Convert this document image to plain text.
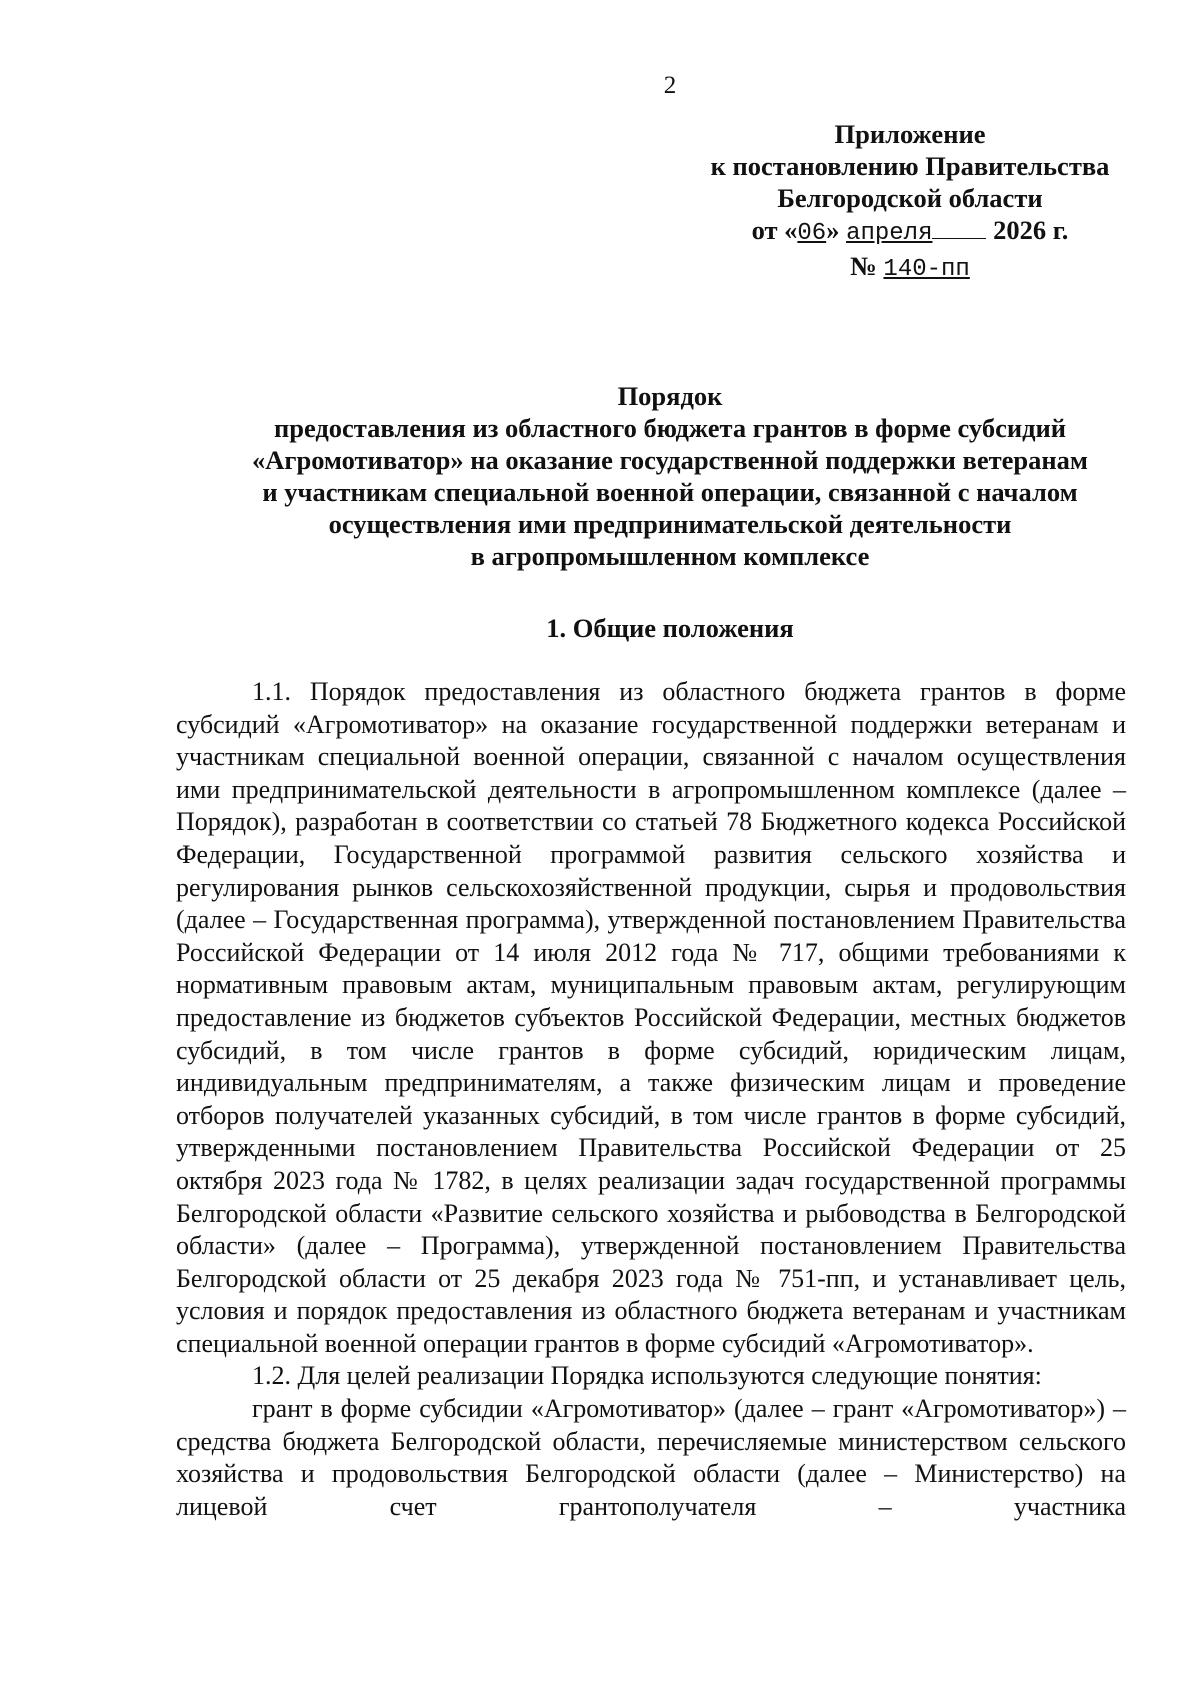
2
Приложение
к постановлению Правительства
Белгородской области
от «06» апреля 2026 г.
№ 140-пп
Порядок
предоставления из областного бюджета грантов в форме субсидий
«Агромотиватор» на оказание государственной поддержки ветеранам
и участникам специальной военной операции, связанной с началом
осуществления ими предпринимательской деятельности
в агропромышленном комплексе
1. Общие положения

1.1. Порядок предоставления из областного бюджета грантов в форме субсидий «Агромотиватор» на оказание государственной поддержки ветеранам и участникам специальной военной операции, связанной с началом осуществления ими предпринимательской деятельности в агропромышленном комплексе (далее – Порядок), разработан в соответствии со статьей 78 Бюджетного кодекса Российской Федерации, Государственной программой развития сельского хозяйства и регулирования рынков сельскохозяйственной продукции, сырья и продовольствия (далее – Государственная программа), утвержденной постановлением Правительства Российской Федерации от 14 июля 2012 года № 717, общими требованиями к нормативным правовым актам, муниципальным правовым актам, регулирующим предоставление из бюджетов субъектов Российской Федерации, местных бюджетов субсидий, в том числе грантов в форме субсидий, юридическим лицам, индивидуальным предпринимателям, а также физическим лицам и проведение отборов получателей указанных субсидий, в том числе грантов в форме субсидий, утвержденными постановлением Правительства Российской Федерации от 25 октября 2023 года № 1782, в целях реализации задач государственной программы Белгородской области «Развитие сельского хозяйства и рыбоводства в Белгородской области» (далее – Программа), утвержденной постановлением Правительства Белгородской области от 25 декабря 2023 года № 751-пп, и устанавливает цель, условия и порядок предоставления из областного бюджета ветеранам и участникам специальной военной операции грантов в форме субсидий «Агромотиватор».

1.2. Для целей реализации Порядка используются следующие понятия:

грант в форме субсидии «Агромотиватор» (далее – грант «Агромотиватор») – средства бюджета Белгородской области, перечисляемые министерством сельского хозяйства и продовольствия Белгородской области (далее – Министерство) на лицевой счет грантополучателя – участника
